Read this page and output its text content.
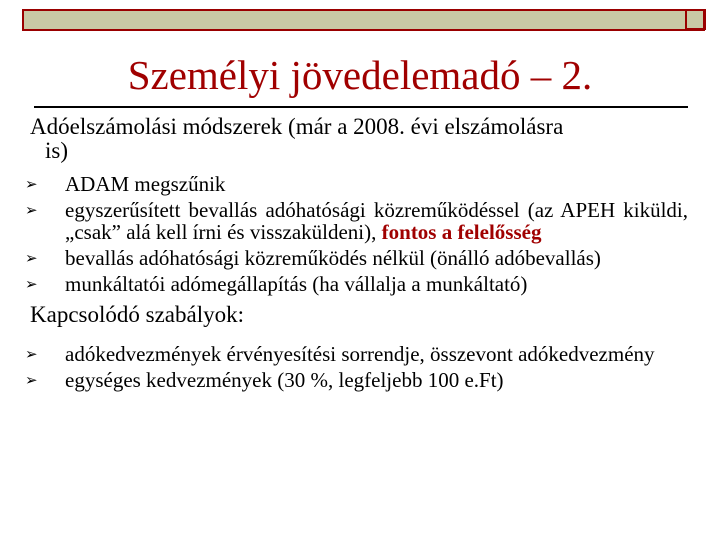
Személyi jövedelemadó – 2.
Adóelszámolási módszerek (már a 2008. évi elszámolásra
is)
➢ ADAM megszűnik
➢ egyszerűsített bevallás adóhatósági közreműködéssel (az APEH kiküldi, „csak” alá kell írni és visszaküldeni), fontos a felelősség
➢ bevallás adóhatósági közreműködés nélkül (önálló adóbevallás)
➢ munkáltatói adómegállapítás (ha vállalja a munkáltató)
Kapcsolódó szabályok:
➢ adókedvezmények érvényesítési sorrendje, összevont adókedvezmény
➢ egységes kedvezmények (30 %, legfeljebb 100 e.Ft)
